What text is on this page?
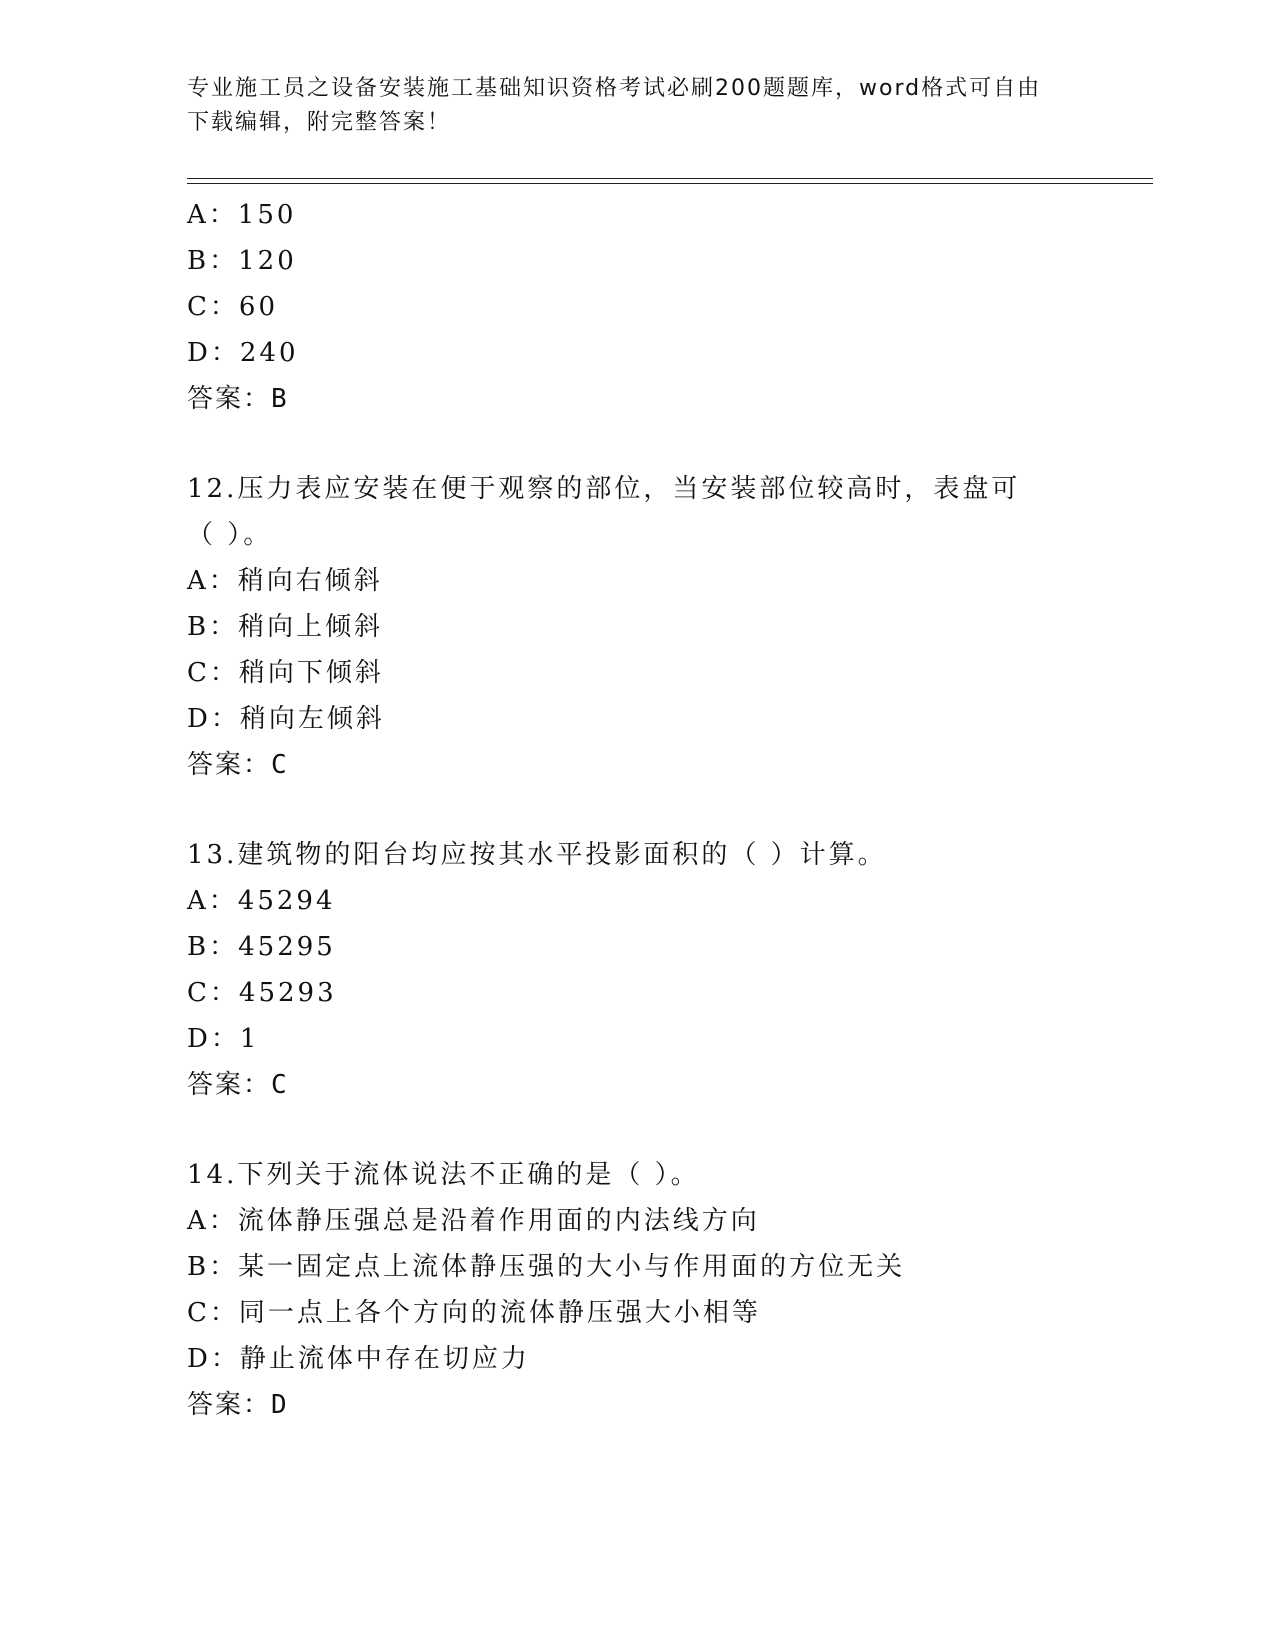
专业施工员之设备安装施工基础知识资格考试必刷200题题库，word格式可自由
下载编辑，附完整答案！
A：150
B：120
C：60
D：240
答案：B
12.压力表应安装在便于观察的部位，当安装部位较高时，表盘可（ ）。
A：稍向右倾斜
B：稍向上倾斜
C：稍向下倾斜
D：稍向左倾斜
答案：C
13.建筑物的阳台均应按其水平投影面积的（ ）计算。
A：45294
B：45295
C：45293
D：1
答案：C
14.下列关于流体说法不正确的是（ ）。
A：流体静压强总是沿着作用面的内法线方向
B：某一固定点上流体静压强的大小与作用面的方位无关
C：同一点上各个方向的流体静压强大小相等
D：静止流体中存在切应力
答案：D
